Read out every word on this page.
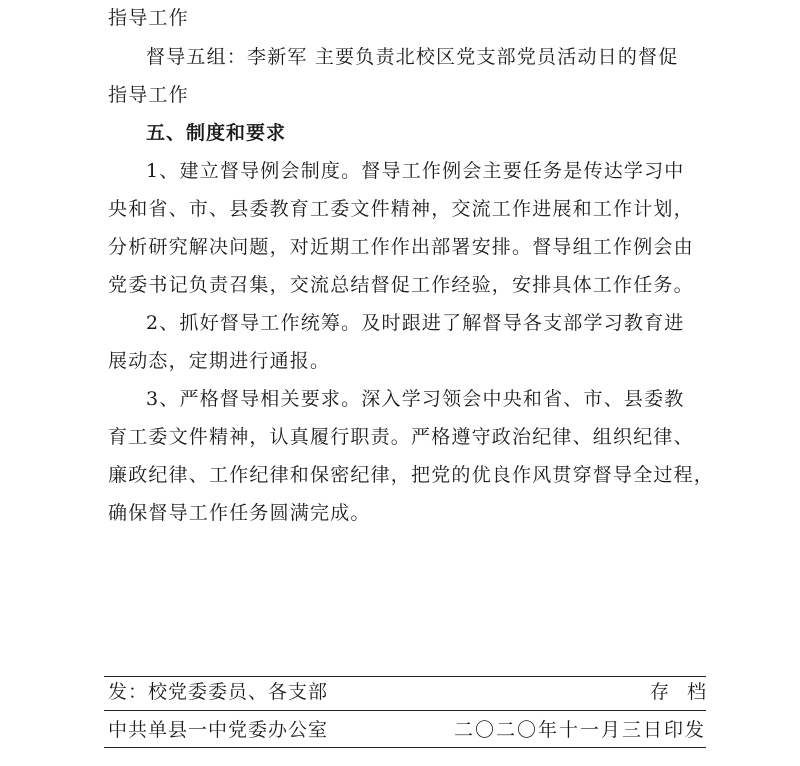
指导工作
督导五组：李新军 主要负责北校区党支部党员活动日的督促
指导工作
五、制度和要求
1、建立督导例会制度。督导工作例会主要任务是传达学习中
央和省、市、县委教育工委文件精神，交流工作进展和工作计划，
分析研究解决问题，对近期工作作出部署安排。督导组工作例会由
党委书记负责召集，交流总结督促工作经验，安排具体工作任务。
2、抓好督导工作统筹。及时跟进了解督导各支部学习教育进
展动态，定期进行通报。
3、严格督导相关要求。深入学习领会中央和省、市、县委教
育工委文件精神，认真履行职责。严格遵守政治纪律、组织纪律、
廉政纪律、工作纪律和保密纪律，把党的优良作风贯穿督导全过程，
确保督导工作任务圆满完成。
发：校党委委员、各支部	存档
中共单县一中党委办公室	二〇二〇年十一月三日印发
